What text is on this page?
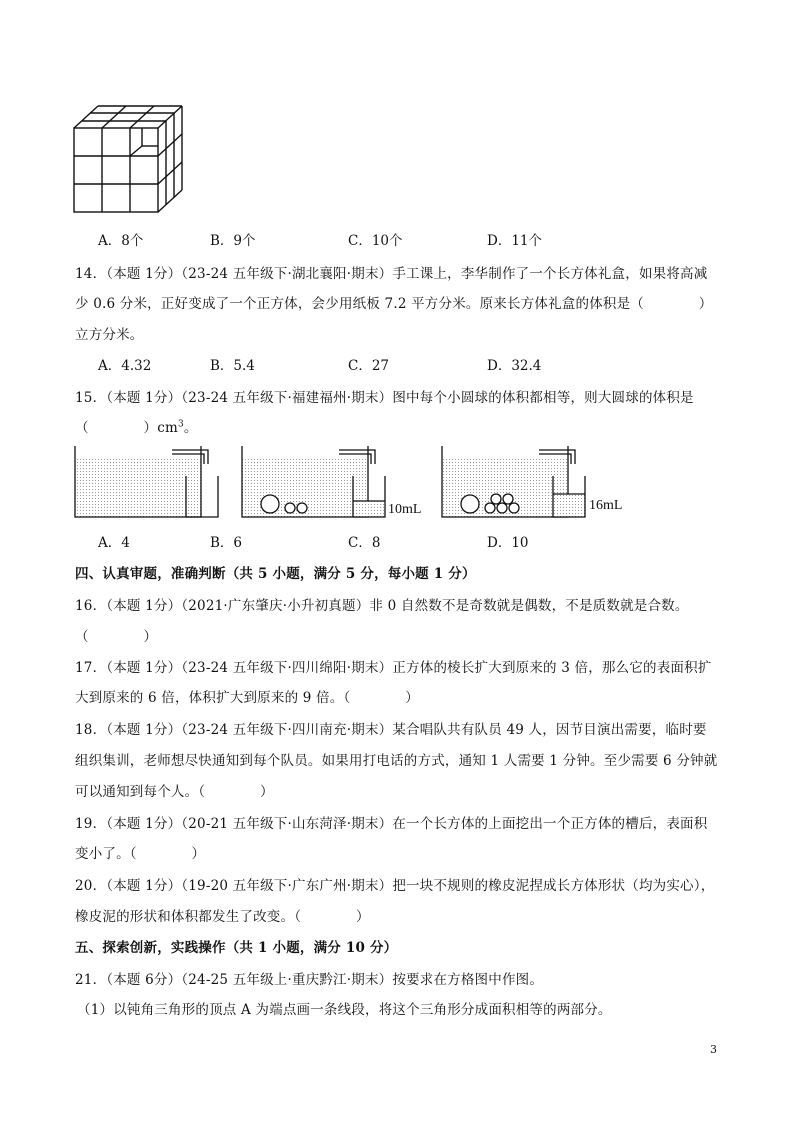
A．8个	B．9个	C．10个	D．11个
14．（本题 1分）（23-24 五年级下·湖北襄阳·期末）手工课上，李华制作了一个长方体礼盒，如果将高减
少 0.6 分米，正好变成了一个正方体，会少用纸板 7.2 平方分米。原来长方体礼盒的体积是（　　　　）
立方分米。
A．4.32	B．5.4	C．27	D．32.4
15．（本题 1分）（23-24 五年级下·福建福州·期末）图中每个小圆球的体积都相等，则大圆球的体积是
（　　　　）$cm^3$。
10mL	16mL
A．4	B．6	C．8	D．10
四、认真审题，准确判断（共 5 小题，满分 5 分，每小题 1 分）
16．（本题 1分）（2021·广东肇庆·小升初真题）非 0 自然数不是奇数就是偶数，不是质数就是合数。
（　　　　）
17．（本题 1分）（23-24 五年级下·四川绵阳·期末）正方体的棱长扩大到原来的 3 倍，那么它的表面积扩
大到原来的 6 倍，体积扩大到原来的 9 倍。（　　　　）
18．（本题 1分）（23-24 五年级下·四川南充·期末）某合唱队共有队员 49 人，因节目演出需要，临时要
组织集训，老师想尽快通知到每个队员。如果用打电话的方式，通知 1 人需要 1 分钟。至少需要 6 分钟就
可以通知到每个人。（　　　　）
19．（本题 1分）（20-21 五年级下·山东菏泽·期末）在一个长方体的上面挖出一个正方体的槽后，表面积
变小了。（　　　　）
20．（本题 1分）（19-20 五年级下·广东广州·期末）把一块不规则的橡皮泥捏成长方体形状（均为实心），
橡皮泥的形状和体积都发生了改变。（　　　　）
五、探索创新，实践操作（共 1 小题，满分 10 分）
21．（本题 6分）（24-25 五年级上·重庆黔江·期末）按要求在方格图中作图。
（1）以钝角三角形的顶点 A 为端点画一条线段，将这个三角形分成面积相等的两部分。
3
